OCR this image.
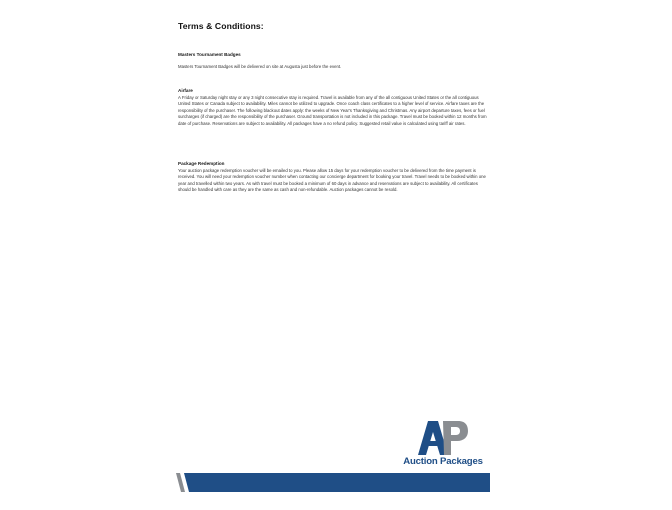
Terms & Conditions:

Masters Tournament Badges

Masters Tournament Badges will be delivered on site at Augusta just before the event.

Airfare

A Friday or Saturday night stay or any 3 night consecutive stay is required. Travel is available from any of the all contiguous United States or the all contiguous United States or Canada subject to availability. Miles cannot be utilized to upgrade. Once coach class certificates to a higher level of service. Airfare taxes are the responsibility of the purchaser. The following blackout dates apply: the weeks of New Year's Thanksgiving and Christmas. Any airport departure taxes, fees or fuel surcharges (if charged) are the responsibility of the purchaser. Ground transportation is not included in this package. Travel must be booked within 12 months from date of purchase. Reservations are subject to availability. All packages have a no refund policy. Suggested retail value is calculated using tariff air rates.

Package Redemption

Your auction package redemption voucher will be emailed to you. Please allow 15 days for your redemption voucher to be delivered from the time payment is received. You will need your redemption voucher number when contacting our concierge department for booking your travel. Travel needs to be booked within one year and travelled within two years. As with travel must be booked a minimum of 60 days in advance and reservations are subject to availability. All certificates should be handled with care as they are the same as cash and non-refundable. Auction packages cannot be resold.

Auction Packages
